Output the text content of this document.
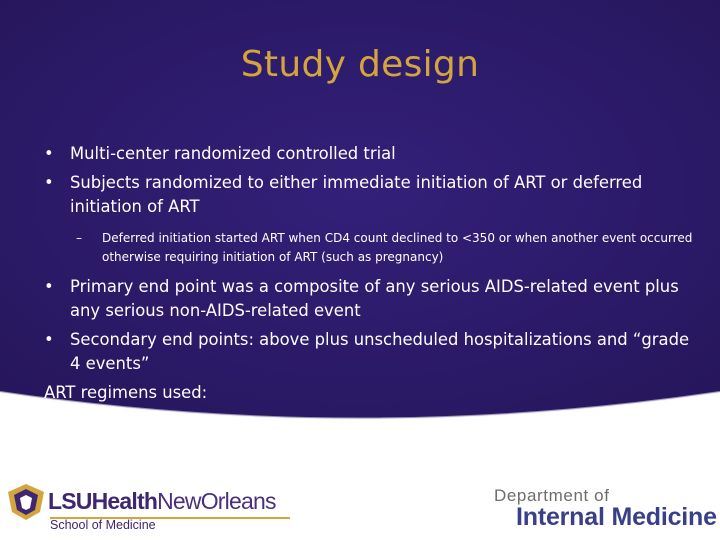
Study design
• Multi-center randomized controlled trial
• Subjects randomized to either immediate initiation of ART or deferred initiation of ART
– Deferred initiation started ART when CD4 count declined to <350 or when another event occurred otherwise requiring initiation of ART (such as pregnancy)
• Primary end point was a composite of any serious AIDS-related event plus any serious non-AIDS-related event
• Secondary end points: above plus unscheduled hospitalizations and “grade 4 events”
ART regimens used:
LSUHealthNewOrleans
School of Medicine
Department of
Internal Medicine
